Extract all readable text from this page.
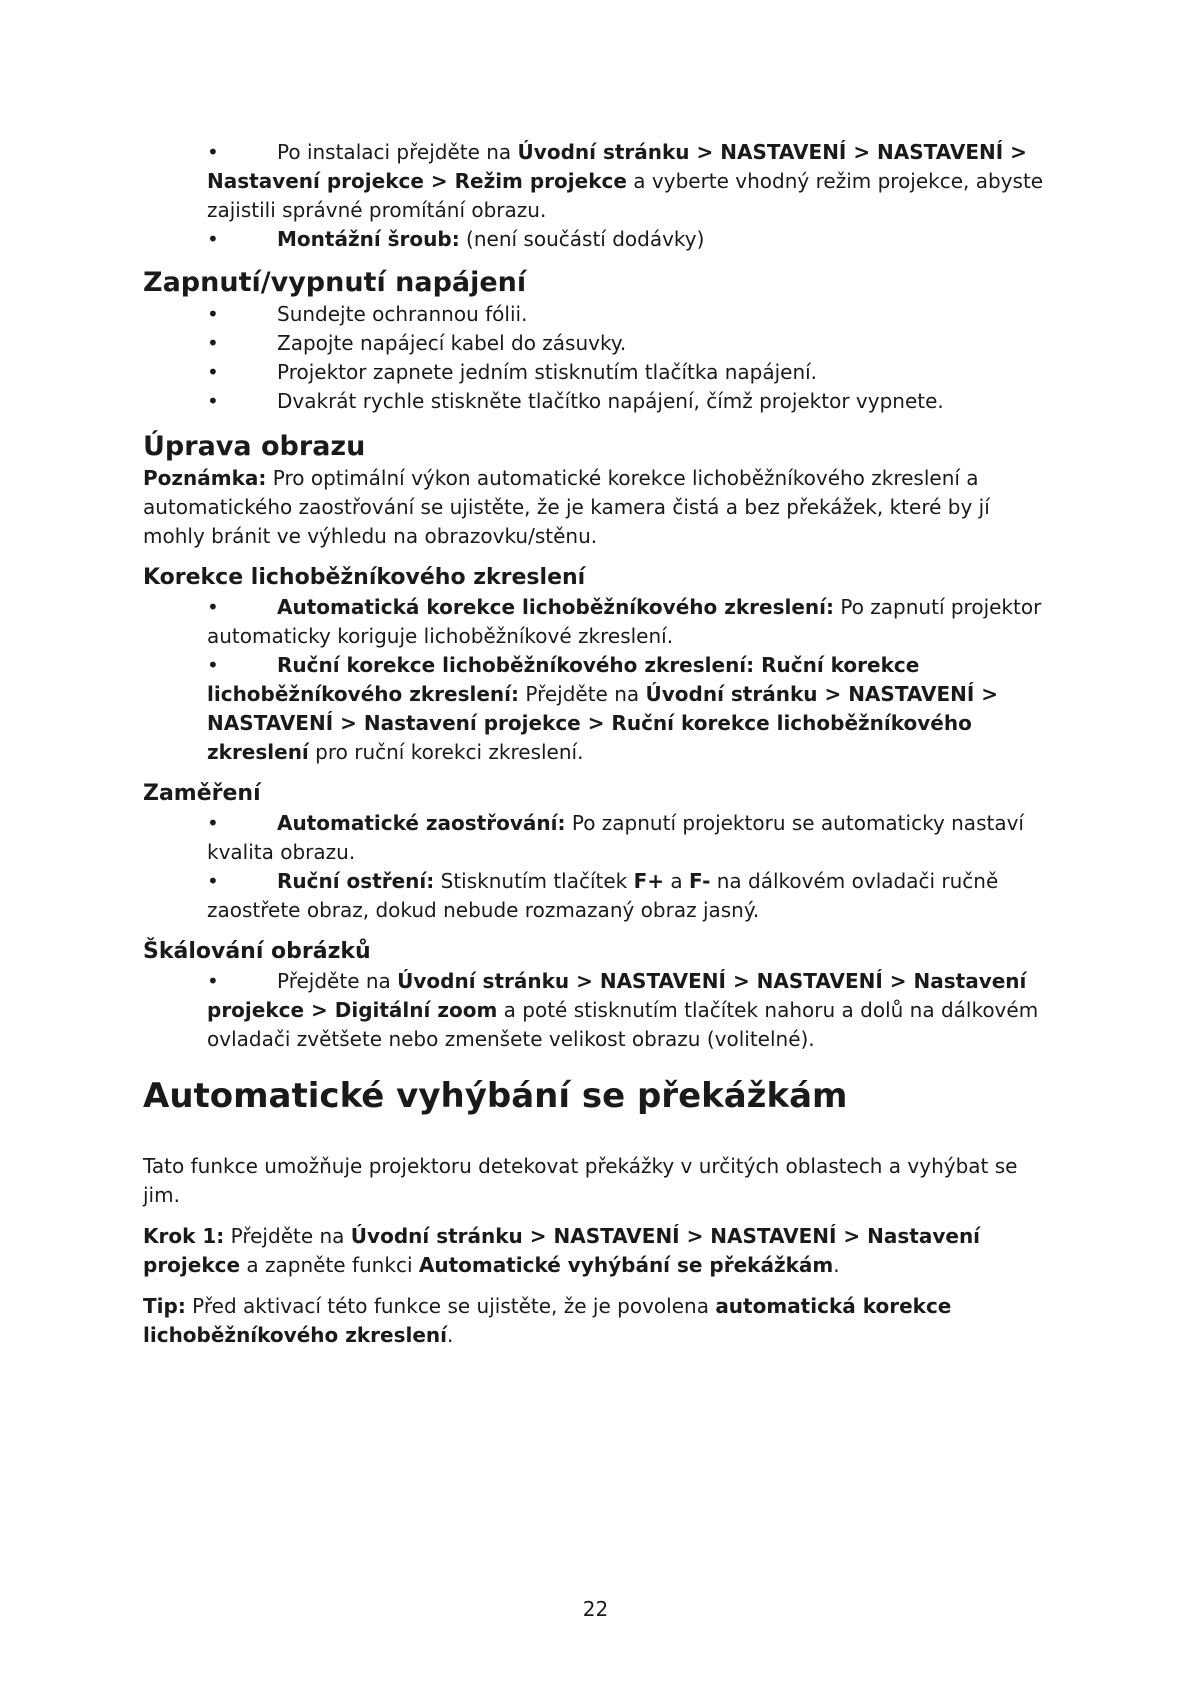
•	Po instalaci přejděte na Úvodní stránku > NASTAVENÍ > NASTAVENÍ > Nastavení projekce > Režim projekce a vyberte vhodný režim projekce, abyste zajistili správné promítání obrazu.
•	Montážní šroub: (není součástí dodávky)
Zapnutí/vypnutí napájení
•	Sundejte ochrannou fólii.
•	Zapojte napájecí kabel do zásuvky.
•	Projektor zapnete jedním stisknutím tlačítka napájení.
•	Dvakrát rychle stiskněte tlačítko napájení, čímž projektor vypnete.
Úprava obrazu

Poznámka: Pro optimální výkon automatické korekce lichoběžníkového zkreslení a automatického zaostřování se ujistěte, že je kamera čistá a bez překážek, které by jí mohly bránit ve výhledu na obrazovku/stěnu.

Korekce lichoběžníkového zkreslení
•	Automatická korekce lichoběžníkového zkreslení: Po zapnutí projektor automaticky koriguje lichoběžníkové zkreslení.
•	Ruční korekce lichoběžníkového zkreslení: Ruční korekce lichoběžníkového zkreslení: Přejděte na Úvodní stránku > NASTAVENÍ > NASTAVENÍ > Nastavení projekce > Ruční korekce lichoběžníkového zkreslení pro ruční korekci zkreslení.
Zaměření
•	Automatické zaostřování: Po zapnutí projektoru se automaticky nastaví kvalita obrazu.
•	Ruční ostření: Stisknutím tlačítek F+ a F- na dálkovém ovladači ručně zaostřete obraz, dokud nebude rozmazaný obraz jasný.
Škálování obrázků
•	Přejděte na Úvodní stránku > NASTAVENÍ > NASTAVENÍ > Nastavení projekce > Digitální zoom a poté stisknutím tlačítek nahoru a dolů na dálkovém ovladači zvětšete nebo zmenšete velikost obrazu (volitelné).
Automatické vyhýbání se překážkám

Tato funkce umožňuje projektoru detekovat překážky v určitých oblastech a vyhýbat se jim.

Krok 1: Přejděte na Úvodní stránku > NASTAVENÍ > NASTAVENÍ > Nastavení projekce a zapněte funkci Automatické vyhýbání se překážkám.

Tip: Před aktivací této funkce se ujistěte, že je povolena automatická korekce lichoběžníkového zkreslení.

22
